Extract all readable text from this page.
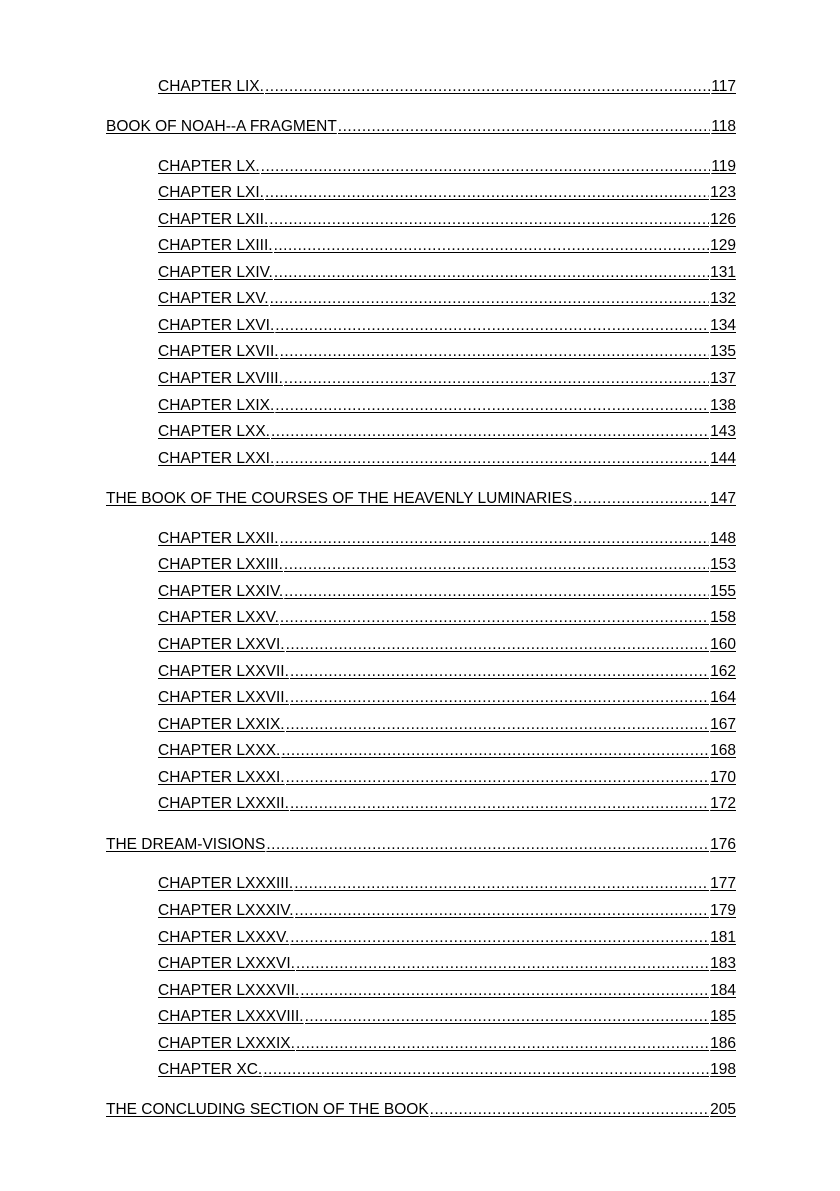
CHAPTER LIX. .....	117
BOOK OF NOAH--A FRAGMENT .....	118
CHAPTER LX. .....	119
CHAPTER LXI. .....	123
CHAPTER LXII. .....	126
CHAPTER LXIII. .....	129
CHAPTER LXIV. .....	131
CHAPTER LXV. .....	132
CHAPTER LXVI. .....	134
CHAPTER LXVII. .....	135
CHAPTER LXVIII. .....	137
CHAPTER LXIX. .....	138
CHAPTER LXX. .....	143
CHAPTER LXXI. .....	144
THE BOOK OF THE COURSES OF THE HEAVENLY LUMINARIES .....	147
CHAPTER LXXII. .....	148
CHAPTER LXXIII. .....	153
CHAPTER LXXIV. .....	155
CHAPTER LXXV. .....	158
CHAPTER LXXVI. .....	160
CHAPTER LXXVII. .....	162
CHAPTER LXXVII. .....	164
CHAPTER LXXIX. .....	167
CHAPTER LXXX. .....	168
CHAPTER LXXXI. .....	170
CHAPTER LXXXII. .....	172
THE DREAM-VISIONS .....	176
CHAPTER LXXXIII. .....	177
CHAPTER LXXXIV. .....	179
CHAPTER LXXXV. .....	181
CHAPTER LXXXVI. .....	183
CHAPTER LXXXVII. .....	184
CHAPTER LXXXVIII. .....	185
CHAPTER LXXXIX. .....	186
CHAPTER XC. .....	198
THE CONCLUDING SECTION OF THE BOOK .....	205
